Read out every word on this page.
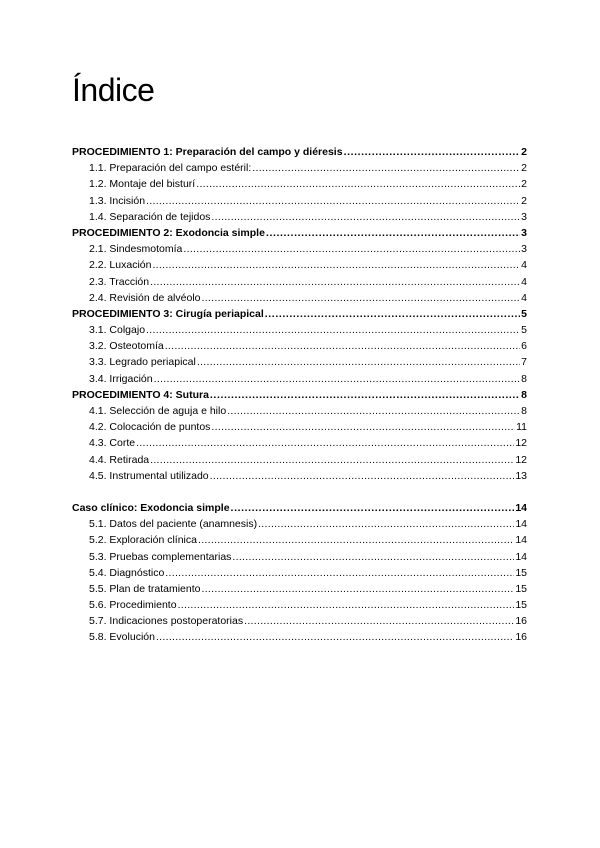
Índice
PROCEDIMIENTO 1: Preparación del campo y diéresis .....	2
1.1. Preparación del campo estéril: .....	2
1.2. Montaje del bisturí .....	2
1.3. Incisión .....	2
1.4. Separación de tejidos .....	3
PROCEDIMIENTO 2: Exodoncia simple .....	3
2.1. Sindesmotomía .....	3
2.2. Luxación .....	4
2.3. Tracción .....	4
2.4. Revisión de alvéolo .....	4
PROCEDIMIENTO 3: Cirugía periapical .....	5
3.1. Colgajo .....	5
3.2. Osteotomía .....	6
3.3. Legrado periapical .....	7
3.4. Irrigación .....	8
PROCEDIMIENTO 4: Sutura .....	8
4.1. Selección de aguja e hilo .....	8
4.2. Colocación de puntos .....	11
4.3. Corte .....	12
4.4. Retirada .....	12
4.5. Instrumental utilizado .....	13
Caso clínico: Exodoncia simple .....	14
5.1. Datos del paciente (anamnesis) .....	14
5.2. Exploración clínica .....	14
5.3. Pruebas complementarias .....	14
5.4. Diagnóstico .....	15
5.5. Plan de tratamiento .....	15
5.6. Procedimiento .....	15
5.7. Indicaciones postoperatorias .....	16
5.8. Evolución .....	16
